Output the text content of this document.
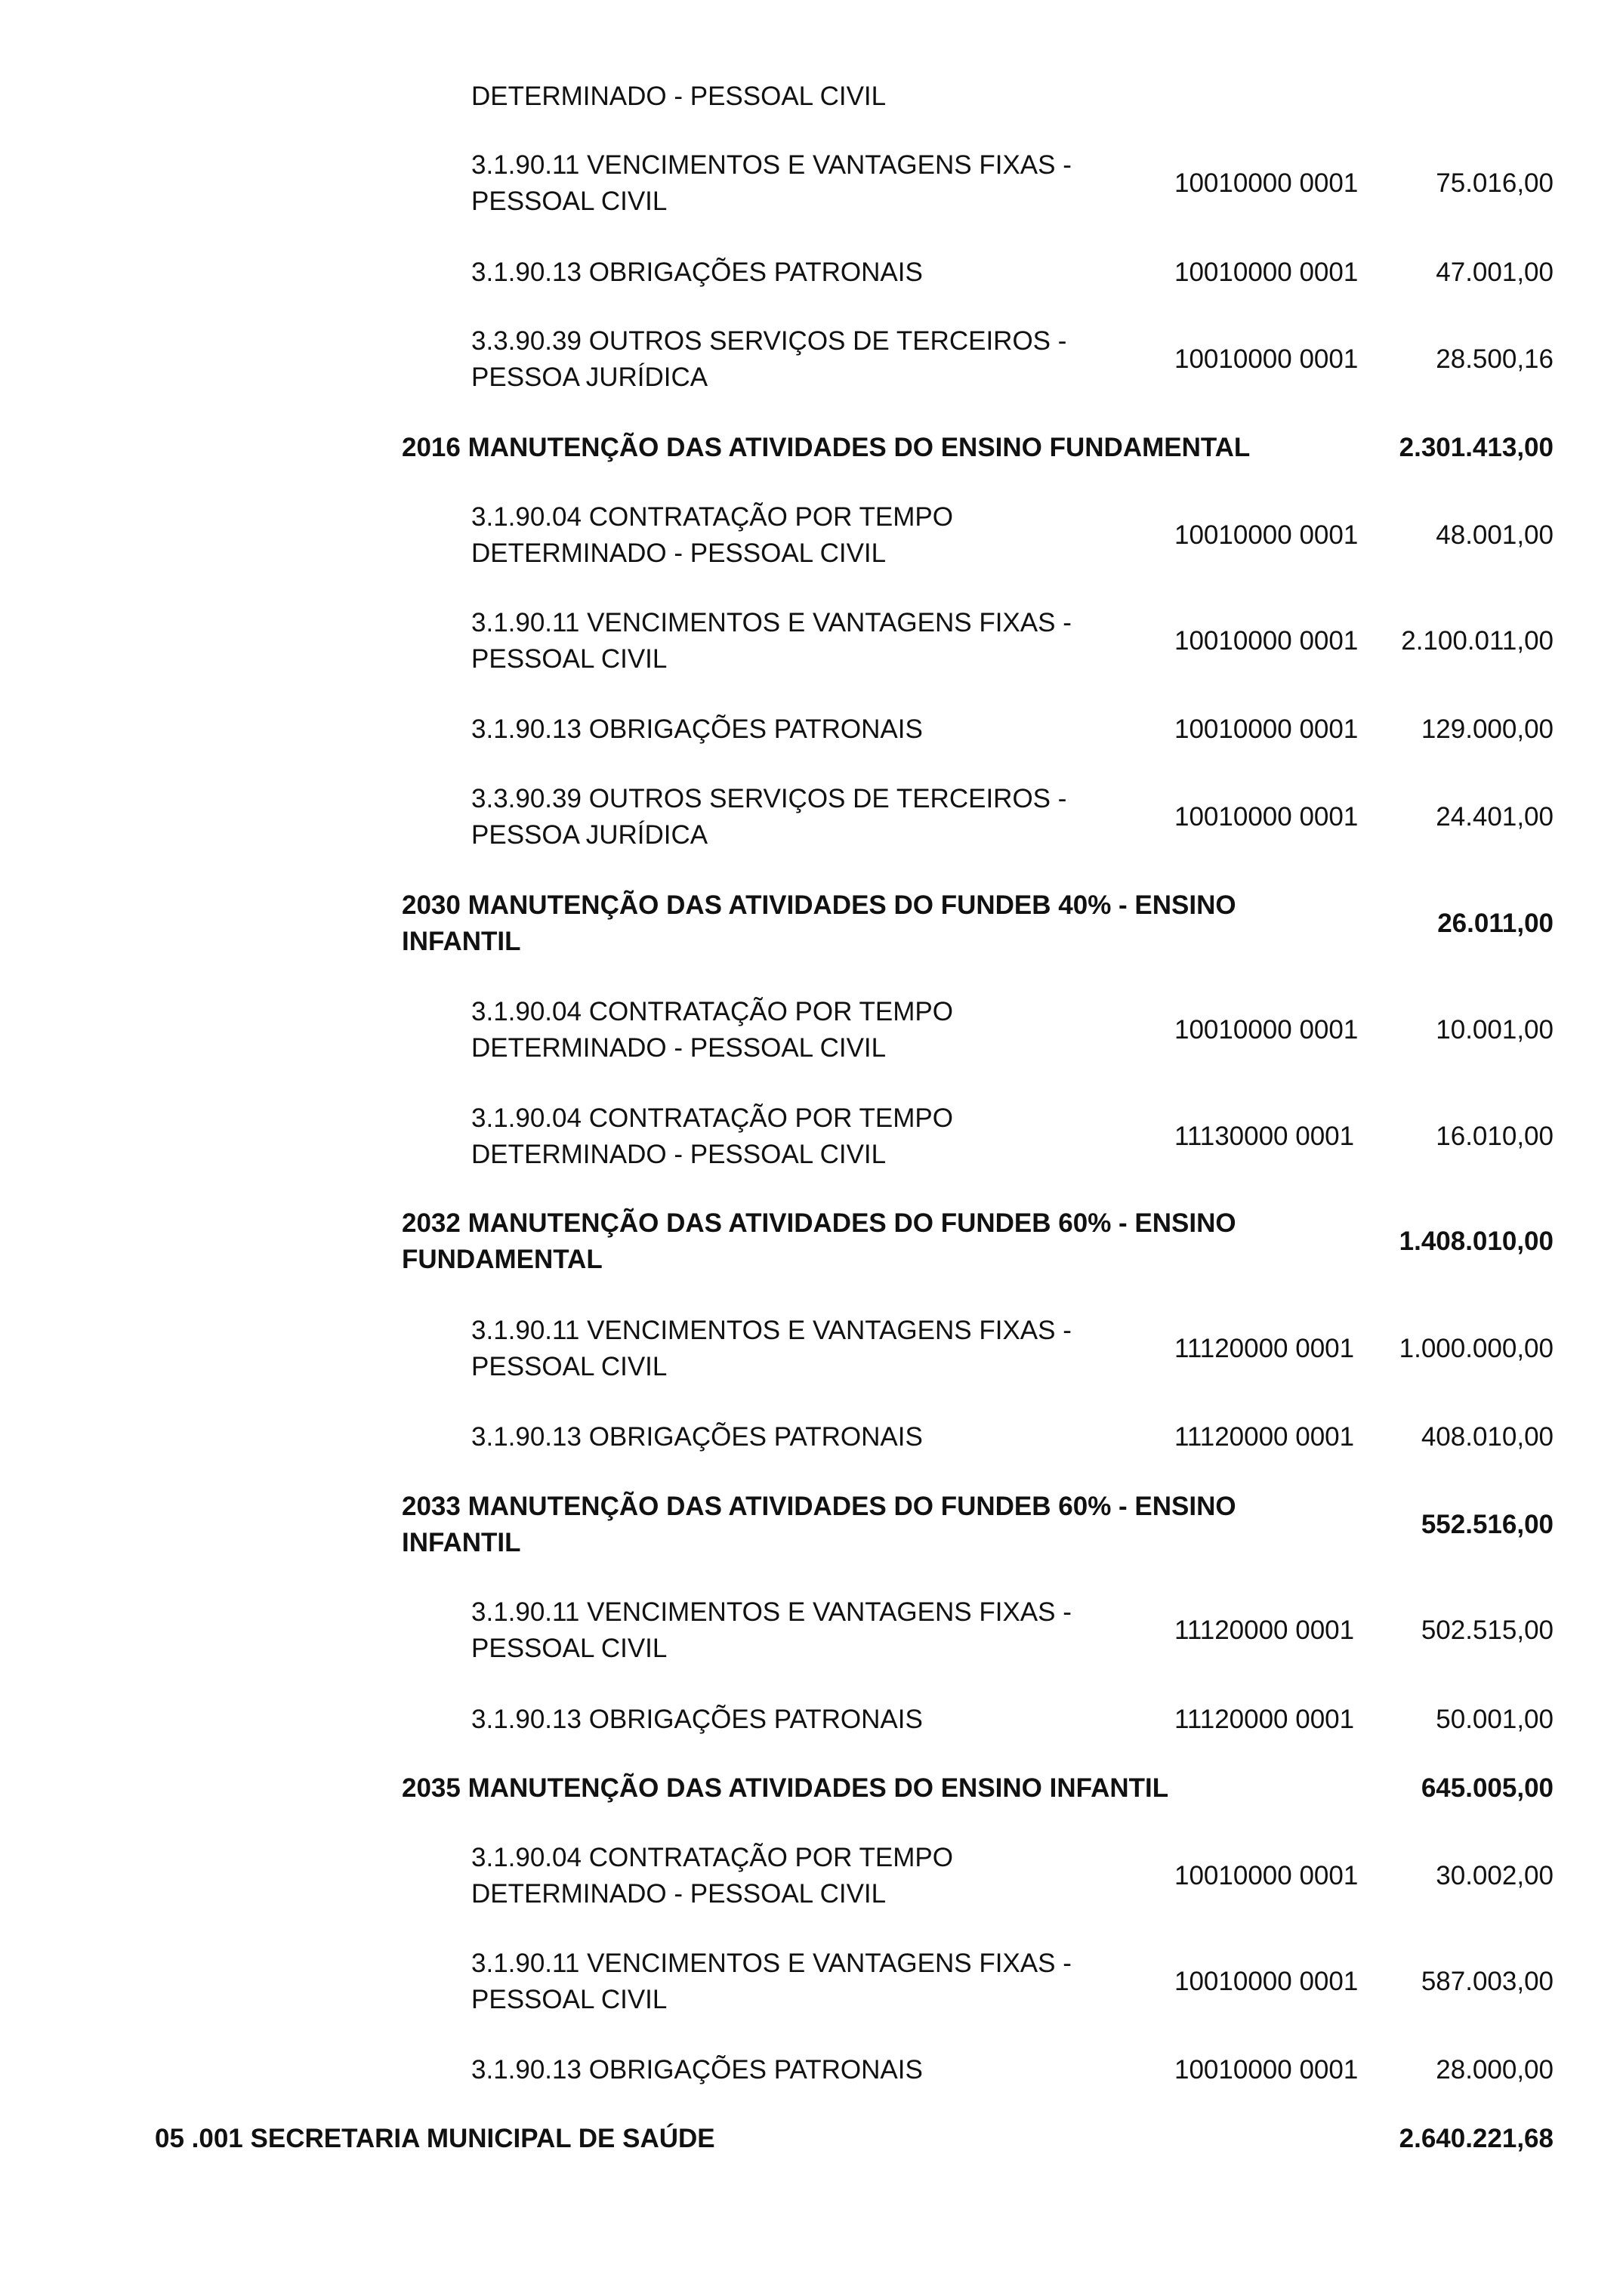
DETERMINADO - PESSOAL CIVIL
3.1.90.11 VENCIMENTOS E VANTAGENS FIXAS -
PESSOAL CIVIL
10010000 0001	75.016,00
3.1.90.13 OBRIGAÇÕES PATRONAIS	10010000 0001	47.001,00
3.3.90.39 OUTROS SERVIÇOS DE TERCEIROS -
PESSOA JURÍDICA
10010000 0001	28.500,16
2016 MANUTENÇÃO DAS ATIVIDADES DO ENSINO FUNDAMENTAL	2.301.413,00
3.1.90.04 CONTRATAÇÃO POR TEMPO
DETERMINADO - PESSOAL CIVIL
10010000 0001	48.001,00
3.1.90.11 VENCIMENTOS E VANTAGENS FIXAS -
PESSOAL CIVIL
10010000 0001	2.100.011,00
3.1.90.13 OBRIGAÇÕES PATRONAIS	10010000 0001	129.000,00
3.3.90.39 OUTROS SERVIÇOS DE TERCEIROS -
PESSOA JURÍDICA
10010000 0001	24.401,00
2030 MANUTENÇÃO DAS ATIVIDADES DO FUNDEB 40% - ENSINO
INFANTIL
26.011,00
3.1.90.04 CONTRATAÇÃO POR TEMPO
DETERMINADO - PESSOAL CIVIL
10010000 0001	10.001,00
3.1.90.04 CONTRATAÇÃO POR TEMPO
DETERMINADO - PESSOAL CIVIL
11130000 0001	16.010,00
2032 MANUTENÇÃO DAS ATIVIDADES DO FUNDEB 60% - ENSINO
FUNDAMENTAL
1.408.010,00
3.1.90.11 VENCIMENTOS E VANTAGENS FIXAS -
PESSOAL CIVIL
11120000 0001	1.000.000,00
3.1.90.13 OBRIGAÇÕES PATRONAIS	11120000 0001	408.010,00
2033 MANUTENÇÃO DAS ATIVIDADES DO FUNDEB 60% - ENSINO
INFANTIL
552.516,00
3.1.90.11 VENCIMENTOS E VANTAGENS FIXAS -
PESSOAL CIVIL
11120000 0001	502.515,00
3.1.90.13 OBRIGAÇÕES PATRONAIS	11120000 0001	50.001,00
2035 MANUTENÇÃO DAS ATIVIDADES DO ENSINO INFANTIL	645.005,00
3.1.90.04 CONTRATAÇÃO POR TEMPO
DETERMINADO - PESSOAL CIVIL
10010000 0001	30.002,00
3.1.90.11 VENCIMENTOS E VANTAGENS FIXAS -
PESSOAL CIVIL
10010000 0001	587.003,00
3.1.90.13 OBRIGAÇÕES PATRONAIS	10010000 0001	28.000,00
05 .001 SECRETARIA MUNICIPAL DE SAÚDE	2.640.221,68
